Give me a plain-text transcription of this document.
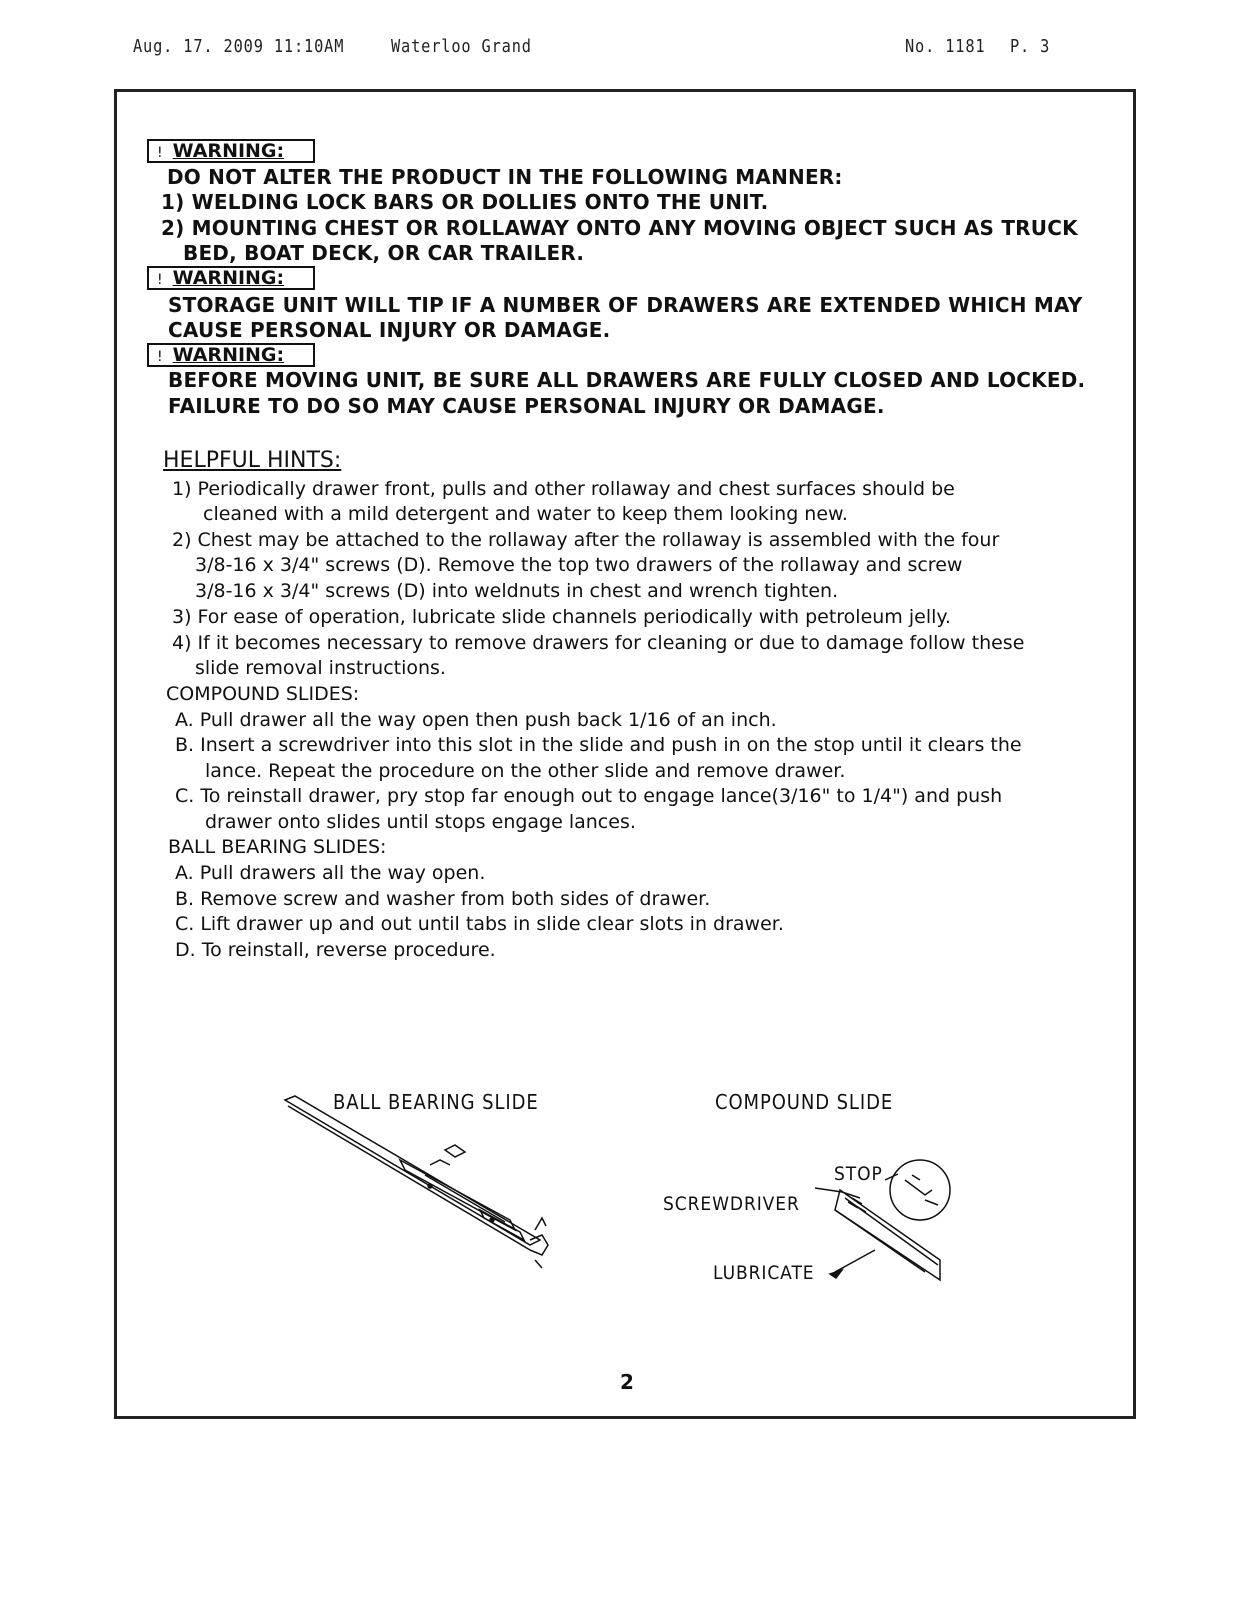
Aug. 17. 2009 11:10AM	Waterloo Grand	No. 1181 P. 3
! WARNING:
DO NOT ALTER THE PRODUCT IN THE FOLLOWING MANNER:
1) WELDING LOCK BARS OR DOLLIES ONTO THE UNIT.
2) MOUNTING CHEST OR ROLLAWAY ONTO ANY MOVING OBJECT SUCH AS TRUCK
BED, BOAT DECK, OR CAR TRAILER.
! WARNING:
STORAGE UNIT WILL TIP IF A NUMBER OF DRAWERS ARE EXTENDED WHICH MAY
CAUSE PERSONAL INJURY OR DAMAGE.
! WARNING:
BEFORE MOVING UNIT, BE SURE ALL DRAWERS ARE FULLY CLOSED AND LOCKED.
FAILURE TO DO SO MAY CAUSE PERSONAL INJURY OR DAMAGE.
HELPFUL HINTS:
1) Periodically drawer front, pulls and other rollaway and chest surfaces should be
cleaned with a mild detergent and water to keep them looking new.
2) Chest may be attached to the rollaway after the rollaway is assembled with the four
3/8-16 x 3/4" screws (D). Remove the top two drawers of the rollaway and screw
3/8-16 x 3/4" screws (D) into weldnuts in chest and wrench tighten.
3) For ease of operation, lubricate slide channels periodically with petroleum jelly.
4) If it becomes necessary to remove drawers for cleaning or due to damage follow these
slide removal instructions.
COMPOUND SLIDES:
A. Pull drawer all the way open then push back 1/16 of an inch.
B. Insert a screwdriver into this slot in the slide and push in on the stop until it clears the
lance. Repeat the procedure on the other slide and remove drawer.
C. To reinstall drawer, pry stop far enough out to engage lance(3/16" to 1/4") and push
drawer onto slides until stops engage lances.
BALL BEARING SLIDES:
A. Pull drawers all the way open.
B. Remove screw and washer from both sides of drawer.
C. Lift drawer up and out until tabs in slide clear slots in drawer.
D. To reinstall, reverse procedure.
BALL BEARING SLIDE	COMPOUND SLIDE
STOP
SCREWDRIVER
LUBRICATE
2
